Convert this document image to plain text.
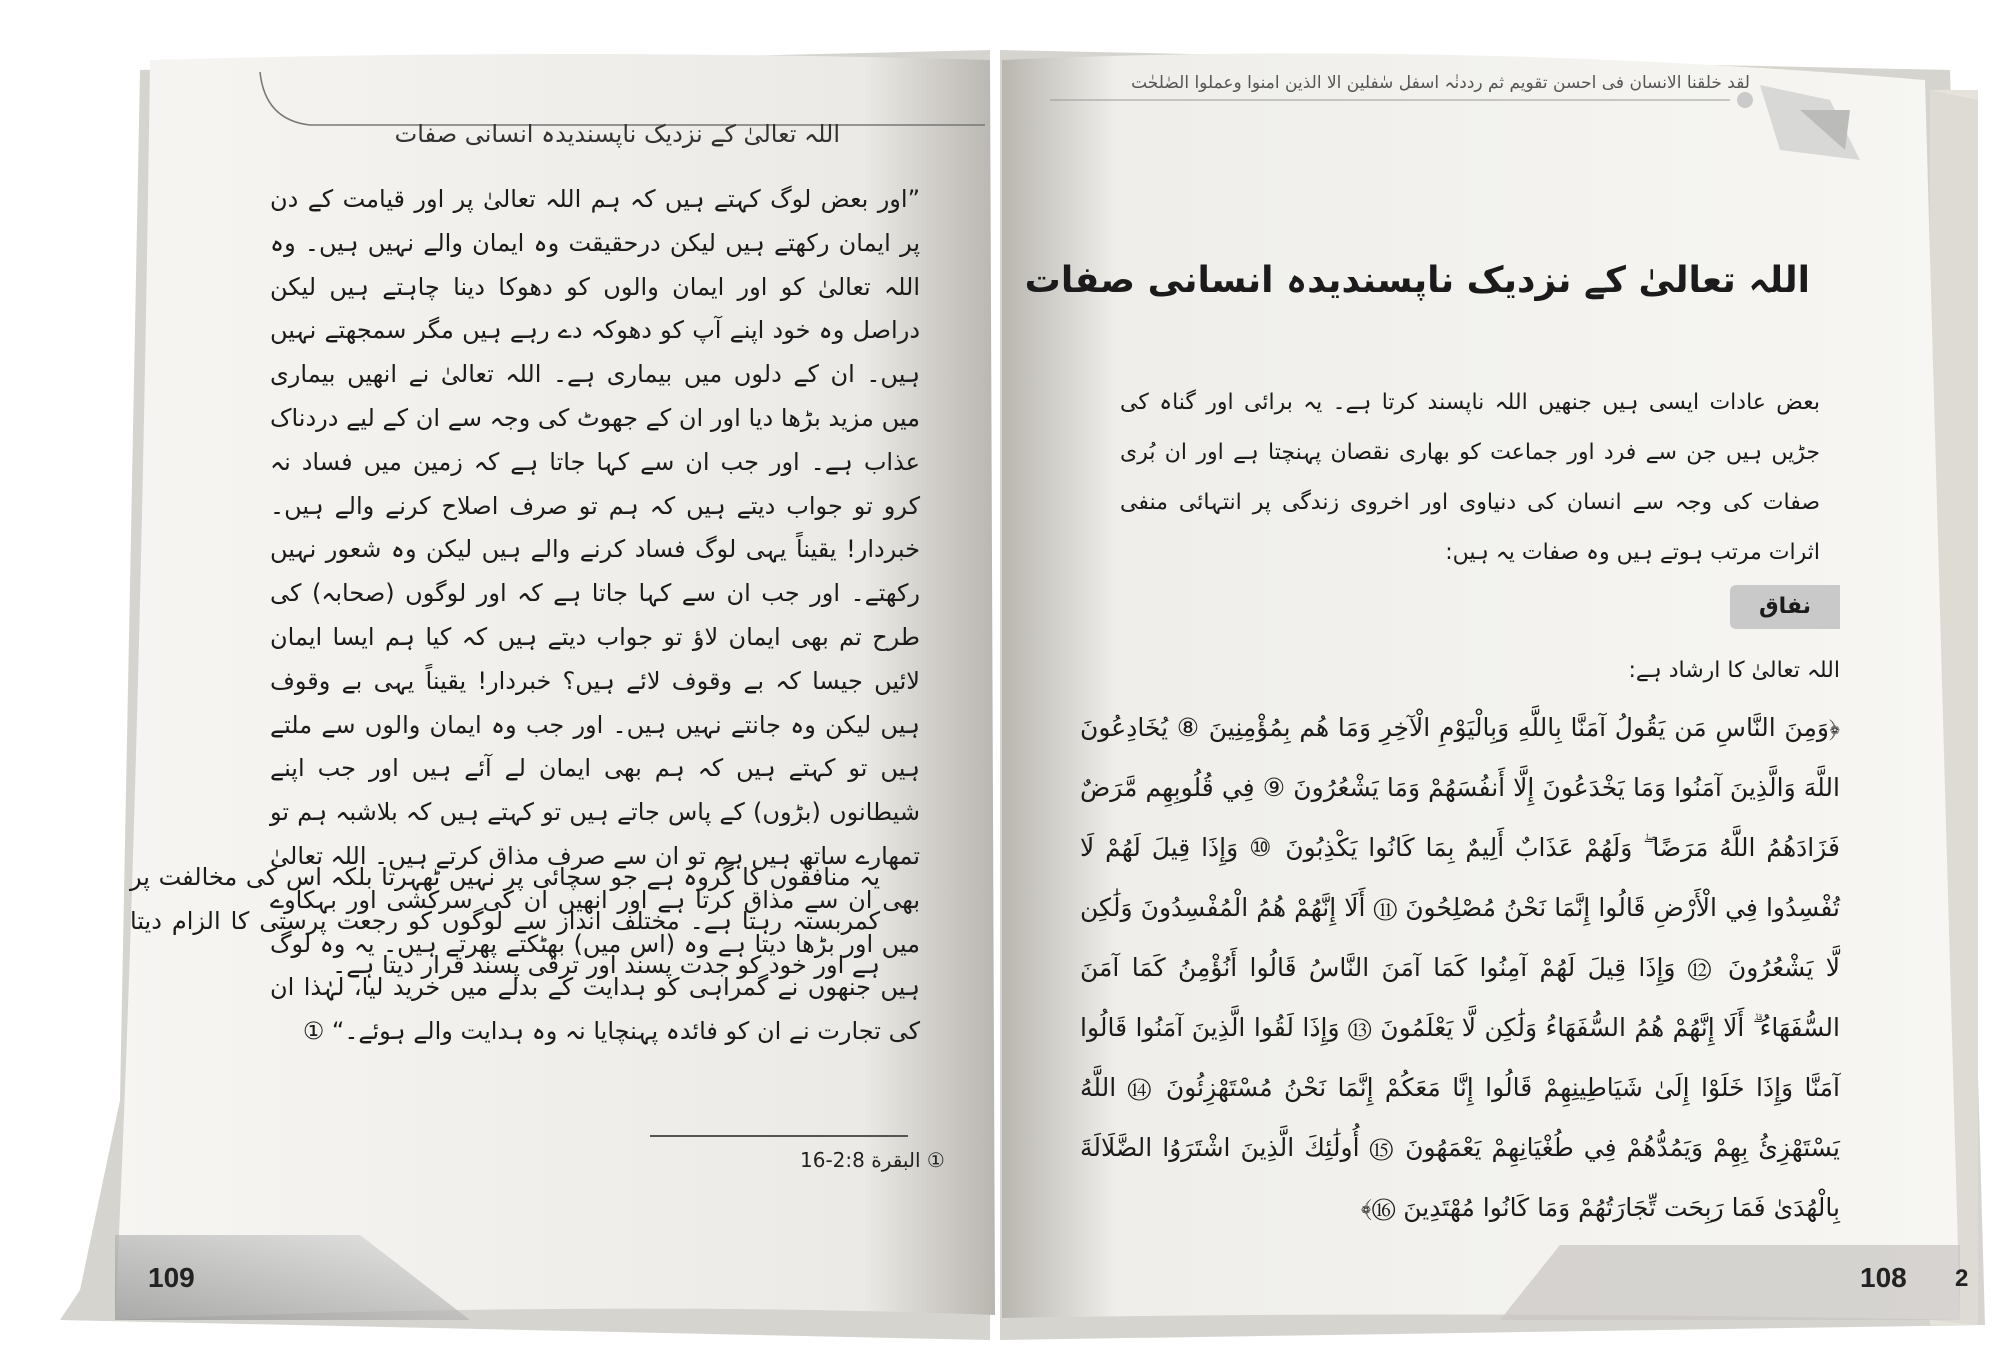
اللہ تعالیٰ کے نزدیک ناپسندیدہ انسانی صفات
”اور بعض لوگ کہتے ہیں کہ ہم اللہ تعالیٰ پر اور قیامت کے دن پر ایمان رکھتے ہیں لیکن درحقیقت وہ ایمان والے نہیں ہیں۔ وہ اللہ تعالیٰ کو اور ایمان والوں کو دھوکا دینا چاہتے ہیں لیکن دراصل وہ خود اپنے آپ کو دھوکہ دے رہے ہیں مگر سمجھتے نہیں ہیں۔ ان کے دلوں میں بیماری ہے۔ اللہ تعالیٰ نے انھیں بیماری میں مزید بڑھا دیا اور ان کے جھوٹ کی وجہ سے ان کے لیے دردناک عذاب ہے۔ اور جب ان سے کہا جاتا ہے کہ زمین میں فساد نہ کرو تو جواب دیتے ہیں کہ ہم تو صرف اصلاح کرنے والے ہیں۔ خبردار! یقیناً یہی لوگ فساد کرنے والے ہیں لیکن وہ شعور نہیں رکھتے۔ اور جب ان سے کہا جاتا ہے کہ اور لوگوں (صحابہ) کی طرح تم بھی ایمان لاؤ تو جواب دیتے ہیں کہ کیا ہم ایسا ایمان لائیں جیسا کہ بے وقوف لائے ہیں؟ خبردار! یقیناً یہی بے وقوف ہیں لیکن وہ جانتے نہیں ہیں۔ اور جب وہ ایمان والوں سے ملتے ہیں تو کہتے ہیں کہ ہم بھی ایمان لے آئے ہیں اور جب اپنے شیطانوں (بڑوں) کے پاس جاتے ہیں تو کہتے ہیں کہ بلاشبہ ہم تو تمھارے ساتھ ہیں ہم تو ان سے صرف مذاق کرتے ہیں۔ اللہ تعالیٰ بھی ان سے مذاق کرتا ہے اور انھیں ان کی سرکشی اور بہکاوے میں اور بڑھا دیتا ہے وہ (اس میں) بھٹکتے پھرتے ہیں۔ یہ وہ لوگ ہیں جنھوں نے گمراہی کو ہدایت کے بدلے میں خرید لیا، لہٰذا ان کی تجارت نے ان کو فائدہ پہنچایا نہ وہ ہدایت والے ہوئے۔“ ①
یہ منافقوں کا گروہ ہے جو سچائی پر نہیں ٹھہرتا بلکہ اس کی مخالفت پر کمربستہ رہتا ہے۔ مختلف انداز سے لوگوں کو رجعت پرستی کا الزام دیتا ہے اور خود کو جدت پسند اور ترقی پسند قرار دیتا ہے۔
① البقرة 2:8-16
109
لقد خلقنا الانسان فی احسن تقویم ثم رددنٰہ اسفل سٰفلین الا الذین امنوا وعملوا الصٰلحٰت
اللہ تعالیٰ کے نزدیک ناپسندیدہ انسانی صفات
بعض عادات ایسی ہیں جنھیں اللہ ناپسند کرتا ہے۔ یہ برائی اور گناہ کی جڑیں ہیں جن سے فرد اور جماعت کو بھاری نقصان پہنچتا ہے اور ان بُری صفات کی وجہ سے انسان کی دنیاوی اور اخروی زندگی پر انتہائی منفی اثرات مرتب ہوتے ہیں وہ صفات یہ ہیں:
نفاق
اللہ تعالیٰ کا ارشاد ہے:
﴿وَمِنَ النَّاسِ مَن يَقُولُ آمَنَّا بِاللَّهِ وَبِالْيَوْمِ الْآخِرِ وَمَا هُم بِمُؤْمِنِينَ ⑧ يُخَادِعُونَ اللَّهَ وَالَّذِينَ آمَنُوا وَمَا يَخْدَعُونَ إِلَّا أَنفُسَهُمْ وَمَا يَشْعُرُونَ ⑨ فِي قُلُوبِهِم مَّرَضٌ فَزَادَهُمُ اللَّهُ مَرَضًا ۖ وَلَهُمْ عَذَابٌ أَلِيمٌ بِمَا كَانُوا يَكْذِبُونَ ⑩ وَإِذَا قِيلَ لَهُمْ لَا تُفْسِدُوا فِي الْأَرْضِ قَالُوا إِنَّمَا نَحْنُ مُصْلِحُونَ ⑪ أَلَا إِنَّهُمْ هُمُ الْمُفْسِدُونَ وَلَٰكِن لَّا يَشْعُرُونَ ⑫ وَإِذَا قِيلَ لَهُمْ آمِنُوا كَمَا آمَنَ النَّاسُ قَالُوا أَنُؤْمِنُ كَمَا آمَنَ السُّفَهَاءُ ۗ أَلَا إِنَّهُمْ هُمُ السُّفَهَاءُ وَلَٰكِن لَّا يَعْلَمُونَ ⑬ وَإِذَا لَقُوا الَّذِينَ آمَنُوا قَالُوا آمَنَّا وَإِذَا خَلَوْا إِلَىٰ شَيَاطِينِهِمْ قَالُوا إِنَّا مَعَكُمْ إِنَّمَا نَحْنُ مُسْتَهْزِئُونَ ⑭ اللَّهُ يَسْتَهْزِئُ بِهِمْ وَيَمُدُّهُمْ فِي طُغْيَانِهِمْ يَعْمَهُونَ ⑮ أُولَٰئِكَ الَّذِينَ اشْتَرَوُا الضَّلَالَةَ بِالْهُدَىٰ فَمَا رَبِحَت تِّجَارَتُهُمْ وَمَا كَانُوا مُهْتَدِينَ ⑯﴾
108 2
